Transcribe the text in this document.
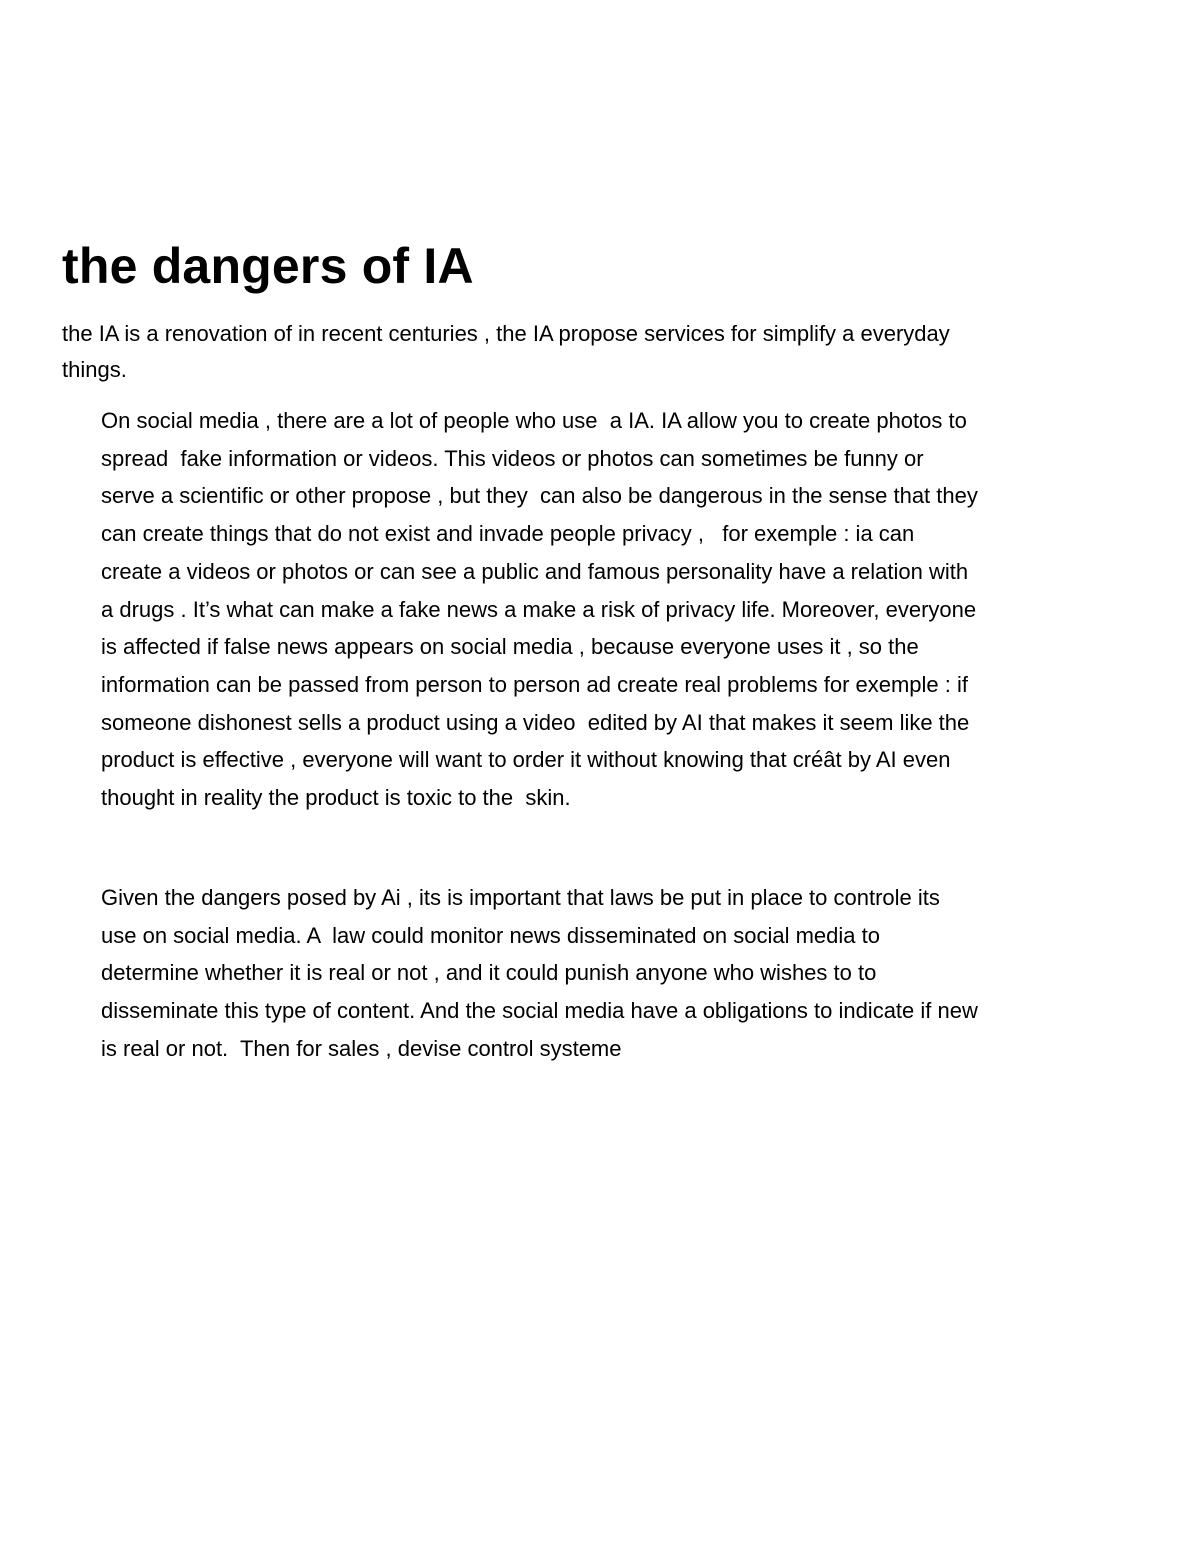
the dangers of IA

the IA is a renovation of in recent centuries , the IA propose services for simplify a everyday
things.

On social media , there are a lot of people who use  a IA. IA allow you to create photos to
spread  fake information or videos. This videos or photos can sometimes be funny or
serve a scientific or other propose , but they  can also be dangerous in the sense that they
can create things that do not exist and invade people privacy ,   for exemple : ia can
create a videos or photos or can see a public and famous personality have a relation with
a drugs . It’s what can make a fake news a make a risk of privacy life. Moreover, everyone
is affected if false news appears on social media , because everyone uses it , so the
information can be passed from person to person ad create real problems for exemple : if
someone dishonest sells a product using a video  edited by AI that makes it seem like the
product is effective , everyone will want to order it without knowing that créât by AI even
thought in reality the product is toxic to the  skin.

Given the dangers posed by Ai , its is important that laws be put in place to controle its
use on social media. A  law could monitor news disseminated on social media to
determine whether it is real or not , and it could punish anyone who wishes to to
disseminate this type of content. And the social media have a obligations to indicate if new
is real or not.  Then for sales , devise control systeme
